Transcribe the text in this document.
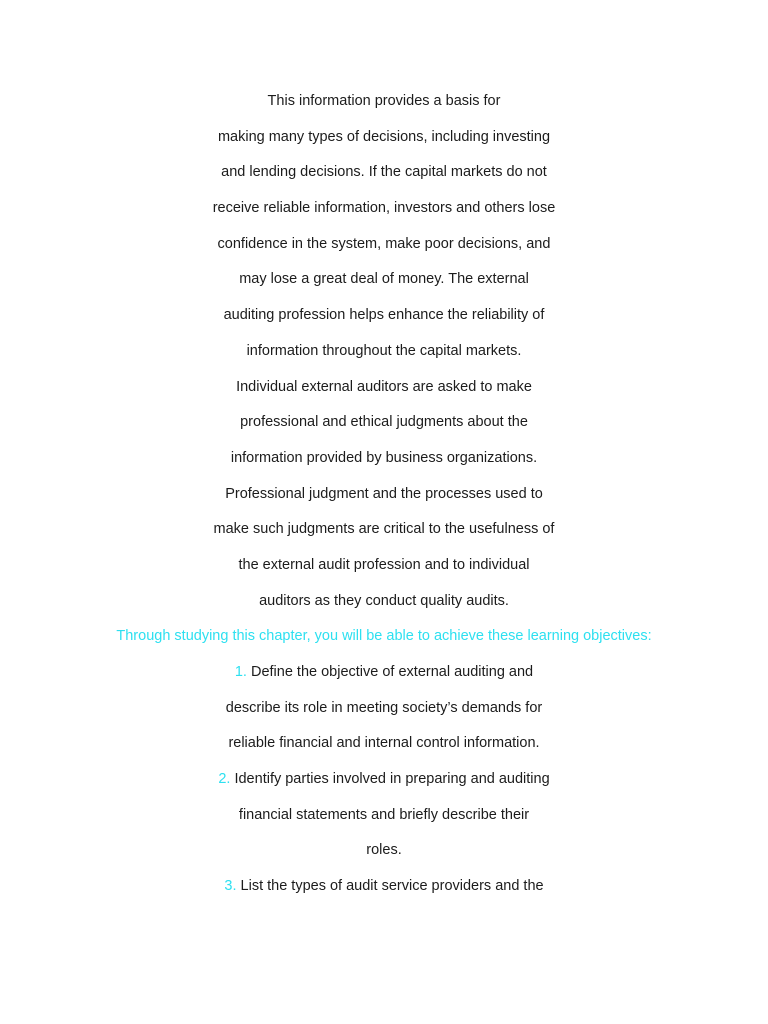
This information provides a basis for
making many types of decisions, including investing
and lending decisions. If the capital markets do not
receive reliable information, investors and others lose
confidence in the system, make poor decisions, and
may lose a great deal of money. The external
auditing profession helps enhance the reliability of
information throughout the capital markets.
Individual external auditors are asked to make
professional and ethical judgments about the
information provided by business organizations.
Professional judgment and the processes used to
make such judgments are critical to the usefulness of
the external audit profession and to individual
auditors as they conduct quality audits.
Through studying this chapter, you will be able to achieve these learning objectives:
1. Define the objective of external auditing and
describe its role in meeting society’s demands for
reliable financial and internal control information.
2. Identify parties involved in preparing and auditing
financial statements and briefly describe their
roles.
3. List the types of audit service providers and the
